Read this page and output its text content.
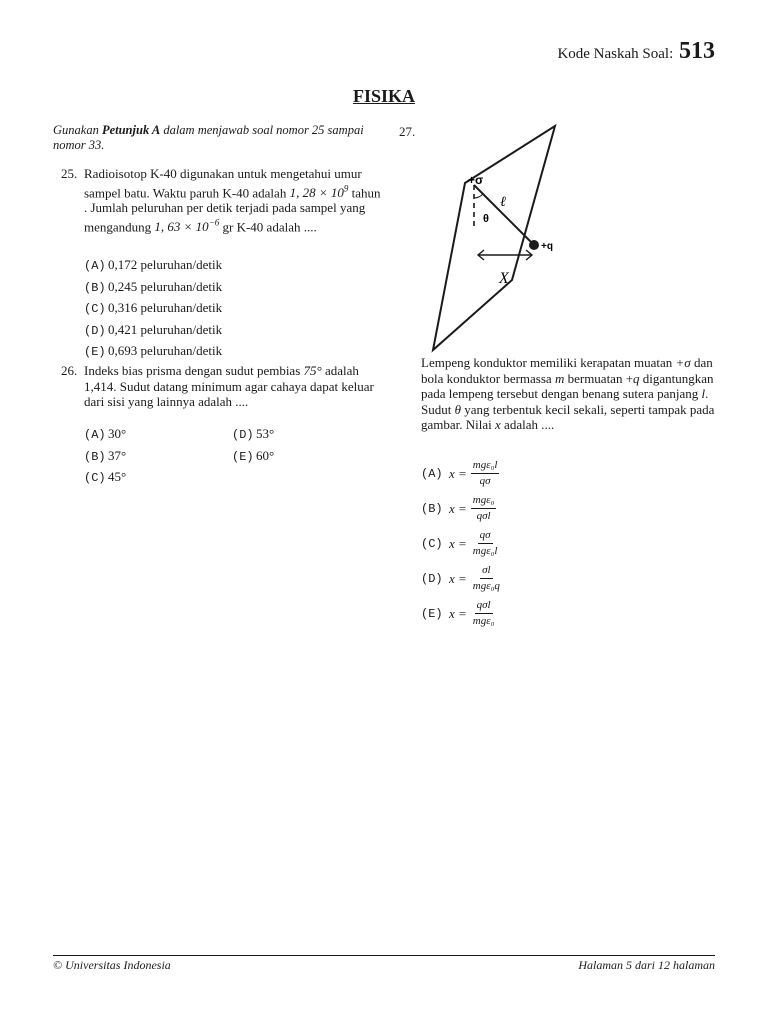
Kode Naskah Soal: 513
FISIKA
Gunakan Petunjuk A dalam menjawab soal nomor 25 sampai nomor 33.
25. Radioisotop K-40 digunakan untuk mengetahui umur sampel batu. Waktu paruh K-40 adalah 1, $28 \times 10^9$ tahun . Jumlah peluruhan per detik terjadi pada sampel yang mengandung 1, $63 \times 10^{-6}$ gr K-40 adalah ....
(A) 0,172 peluruhan/detik
(B) 0,245 peluruhan/detik
(C) 0,316 peluruhan/detik
(D) 0,421 peluruhan/detik
(E) 0,693 peluruhan/detik
26. Indeks bias prisma dengan sudut pembias 75° adalah 1,414. Sudut datang minimum agar cahaya dapat keluar dari sisi yang lainnya adalah ....
(A) 30°
(B) 37°
(C) 45°
(D) 53°
(E) 60°
27.
+σ
ℓ
θ
+q
X
Lempeng konduktor memiliki kerapatan muatan +σ dan bola konduktor bermassa m bermuatan +q digantungkan pada lempeng tersebut dengan benang sutera panjang l. Sudut θ yang terbentuk kecil sekali, seperti tampak pada gambar. Nilai x adalah ....
(A) $x = \frac{\text{mgε₀l}}{q\sigma}$
(B) $x = \frac{\text{mgε₀}}{\text{qσl}}$
(C) $x = \frac{q\sigma}{\text{mgε₀l}}$
(D) $x = \frac{\sigma l}{\text{mgε₀q}}$
(E) $x = \frac{\text{qσl}}{\text{mgε₀}}$
© Universitas Indonesia	Halaman 5 dari 12 halaman
